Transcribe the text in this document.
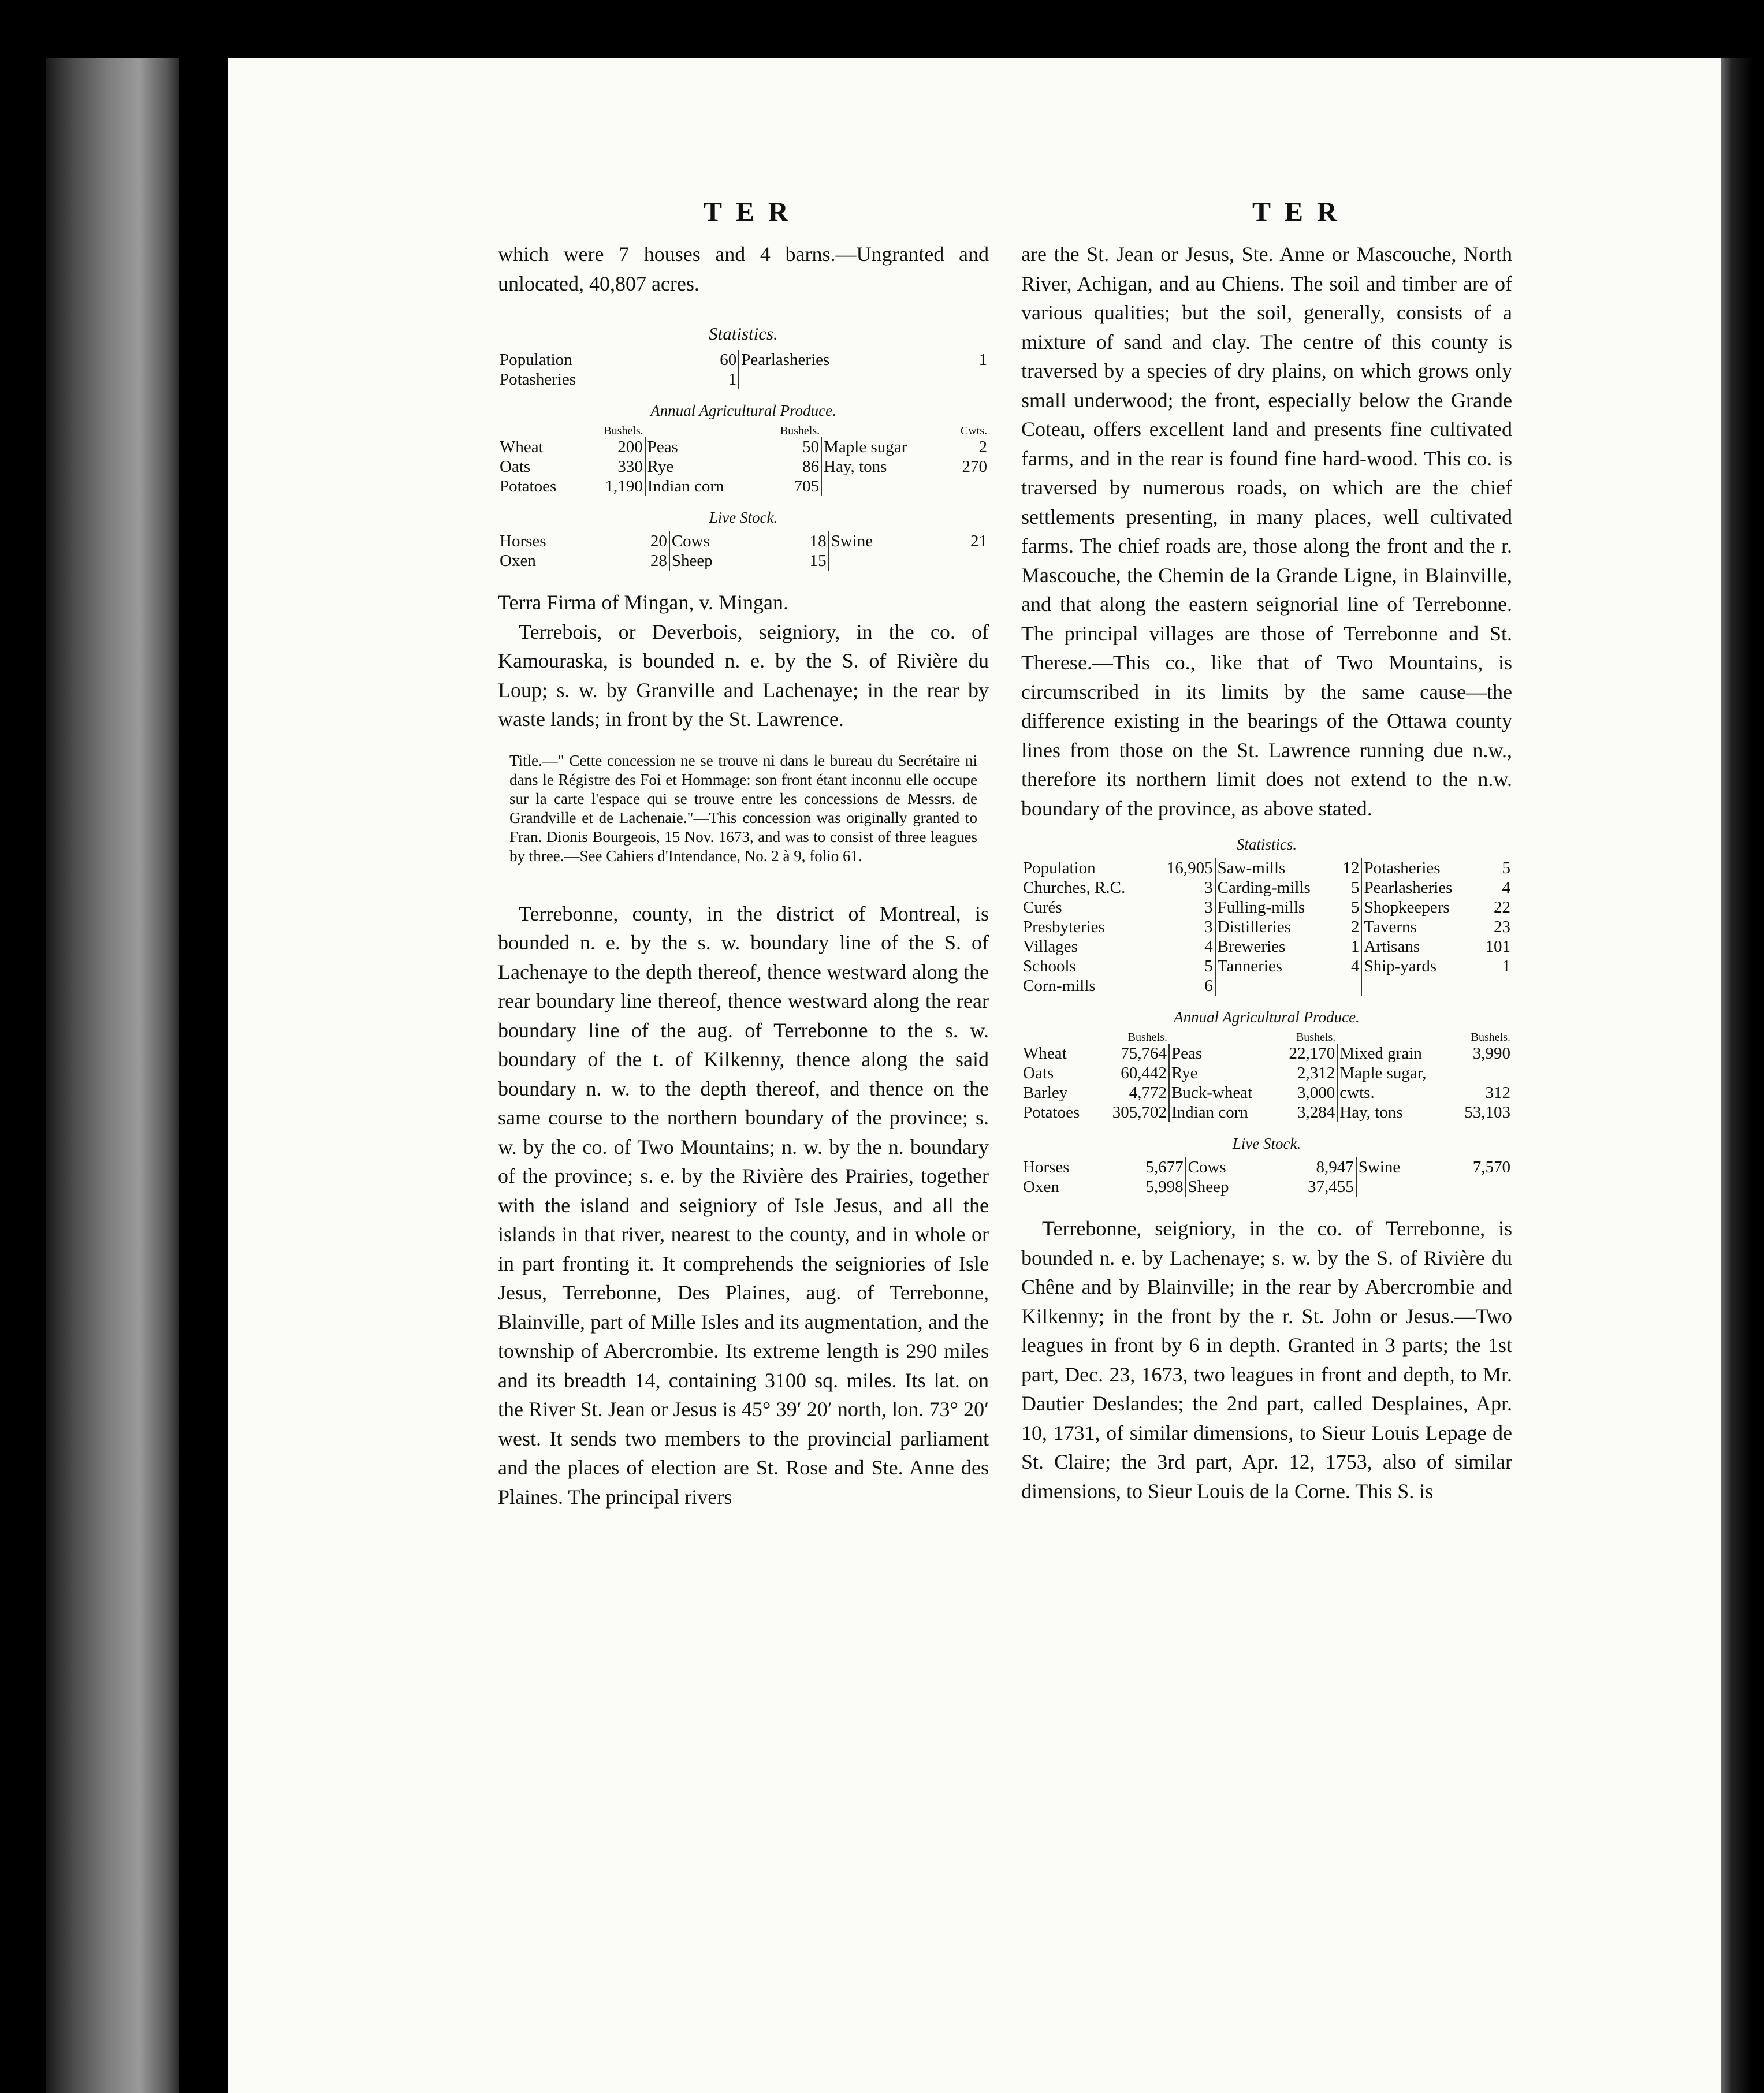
TER	TER

which were 7 houses and 4 barns.—Ungranted and unlocated, 40,807 acres.

Statistics.
Population	60	Pearlasheries	1
Potasheries	1		
Annual Agricultural Produce.
	Bushels.		Bushels.		Cwts.
Wheat	200	Peas	50	Maple sugar	2
Oats	330	Rye	86	Hay, tons	270
Potatoes	1,190	Indian corn	705		
Live Stock.
Horses	20	Cows	18	Swine	21
Oxen	28	Sheep	15		

Terra Firma of Mingan, v. Mingan.

Terrebois, or Deverbois, seigniory, in the co. of Kamouraska, is bounded n. e. by the S. of Rivière du Loup; s. w. by Granville and Lachenaye; in the rear by waste lands; in front by the St. Lawrence.

Title.—" Cette concession ne se trouve ni dans le bureau du Secrétaire ni dans le Régistre des Foi et Hommage: son front étant inconnu elle occupe sur la carte l'espace qui se trouve entre les concessions de Messrs. de Grandville et de Lachenaie."—This concession was originally granted to Fran. Dionis Bourgeois, 15 Nov. 1673, and was to consist of three leagues by three.—See Cahiers d'Intendance, No. 2 à 9, folio 61.

Terrebonne, county, in the district of Montreal, is bounded n. e. by the s. w. boundary line of the S. of Lachenaye to the depth thereof, thence westward along the rear boundary line thereof, thence westward along the rear boundary line of the aug. of Terrebonne to the s. w. boundary of the t. of Kilkenny, thence along the said boundary n. w. to the depth thereof, and thence on the same course to the northern boundary of the province; s. w. by the co. of Two Mountains; n. w. by the n. boundary of the province; s. e. by the Rivière des Prairies, together with the island and seigniory of Isle Jesus, and all the islands in that river, nearest to the county, and in whole or in part fronting it. It comprehends the seigniories of Isle Jesus, Terrebonne, Des Plaines, aug. of Terrebonne, Blainville, part of Mille Isles and its augmentation, and the township of Abercrombie. Its extreme length is 290 miles and its breadth 14, containing 3100 sq. miles. Its lat. on the River St. Jean or Jesus is 45° 39′ 20′ north, lon. 73° 20′ west. It sends two members to the provincial parliament and the places of election are St. Rose and Ste. Anne des Plaines. The principal rivers

are the St. Jean or Jesus, Ste. Anne or Mascouche, North River, Achigan, and au Chiens. The soil and timber are of various qualities; but the soil, generally, consists of a mixture of sand and clay. The centre of this county is traversed by a species of dry plains, on which grows only small underwood; the front, especially below the Grande Coteau, offers excellent land and presents fine cultivated farms, and in the rear is found fine hard-wood. This co. is traversed by numerous roads, on which are the chief settlements presenting, in many places, well cultivated farms. The chief roads are, those along the front and the r. Mascouche, the Chemin de la Grande Ligne, in Blainville, and that along the eastern seignorial line of Terrebonne. The principal villages are those of Terrebonne and St. Therese.—This co., like that of Two Mountains, is circumscribed in its limits by the same cause—the difference existing in the bearings of the Ottawa county lines from those on the St. Lawrence running due n.w., therefore its northern limit does not extend to the n.w. boundary of the province, as above stated.

Statistics.
Population	16,905	Saw-mills	12	Potasheries	5
Churches, R.C.	3	Carding-mills	5	Pearlasheries	4
Curés	3	Fulling-mills	5	Shopkeepers	22
Presbyteries	3	Distilleries	2	Taverns	23
Villages	4	Breweries	1	Artisans	101
Schools	5	Tanneries	4	Ship-yards	1
Corn-mills	6				
Annual Agricultural Produce.
	Bushels.		Bushels.		Bushels.
Wheat	75,764	Peas	22,170	Mixed grain	3,990
Oats	60,442	Rye	2,312	Maple sugar,	
Barley	4,772	Buck-wheat	3,000	cwts.	312
Potatoes	305,702	Indian corn	3,284	Hay, tons	53,103
Live Stock.
Horses	5,677	Cows	8,947	Swine	7,570
Oxen	5,998	Sheep	37,455		

Terrebonne, seigniory, in the co. of Terrebonne, is bounded n. e. by Lachenaye; s. w. by the S. of Rivière du Chêne and by Blainville; in the rear by Abercrombie and Kilkenny; in the front by the r. St. John or Jesus.—Two leagues in front by 6 in depth. Granted in 3 parts; the 1st part, Dec. 23, 1673, two leagues in front and depth, to Mr. Dautier Deslandes; the 2nd part, called Desplaines, Apr. 10, 1731, of similar dimensions, to Sieur Louis Lepage de St. Claire; the 3rd part, Apr. 12, 1753, also of similar dimensions, to Sieur Louis de la Corne. This S. is
